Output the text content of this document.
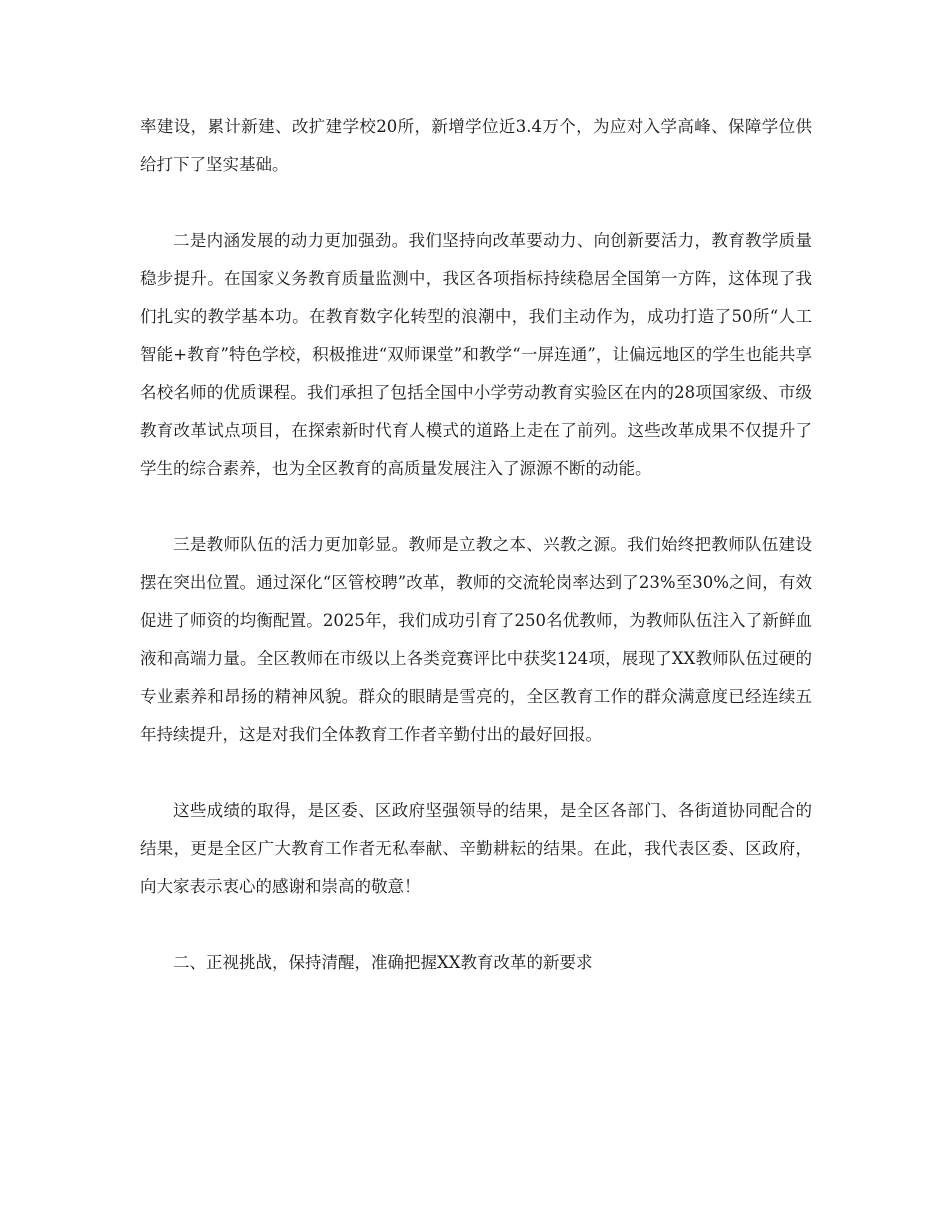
率建设，累计新建、改扩建学校20所，新增学位近3.4万个，为应对入学高峰、保障学位供给打下了坚实基础。

二是内涵发展的动力更加强劲。我们坚持向改革要动力、向创新要活力，教育教学质量稳步提升。在国家义务教育质量监测中，我区各项指标持续稳居全国第一方阵，这体现了我们扎实的教学基本功。在教育数字化转型的浪潮中，我们主动作为，成功打造了50所“人工智能+教育”特色学校，积极推进“双师课堂”和教学“一屏连通”，让偏远地区的学生也能共享名校名师的优质课程。我们承担了包括全国中小学劳动教育实验区在内的28项国家级、市级教育改革试点项目，在探索新时代育人模式的道路上走在了前列。这些改革成果不仅提升了学生的综合素养，也为全区教育的高质量发展注入了源源不断的动能。

三是教师队伍的活力更加彰显。教师是立教之本、兴教之源。我们始终把教师队伍建设摆在突出位置。通过深化“区管校聘”改革，教师的交流轮岗率达到了23%至30%之间，有效促进了师资的均衡配置。2025年，我们成功引育了250名优教师，为教师队伍注入了新鲜血液和高端力量。全区教师在市级以上各类竞赛评比中获奖124项，展现了XX教师队伍过硬的专业素养和昂扬的精神风貌。群众的眼睛是雪亮的，全区教育工作的群众满意度已经连续五年持续提升，这是对我们全体教育工作者辛勤付出的最好回报。

这些成绩的取得，是区委、区政府坚强领导的结果，是全区各部门、各街道协同配合的结果，更是全区广大教育工作者无私奉献、辛勤耕耘的结果。在此，我代表区委、区政府，向大家表示衷心的感谢和崇高的敬意！

二、正视挑战，保持清醒，准确把握XX教育改革的新要求
